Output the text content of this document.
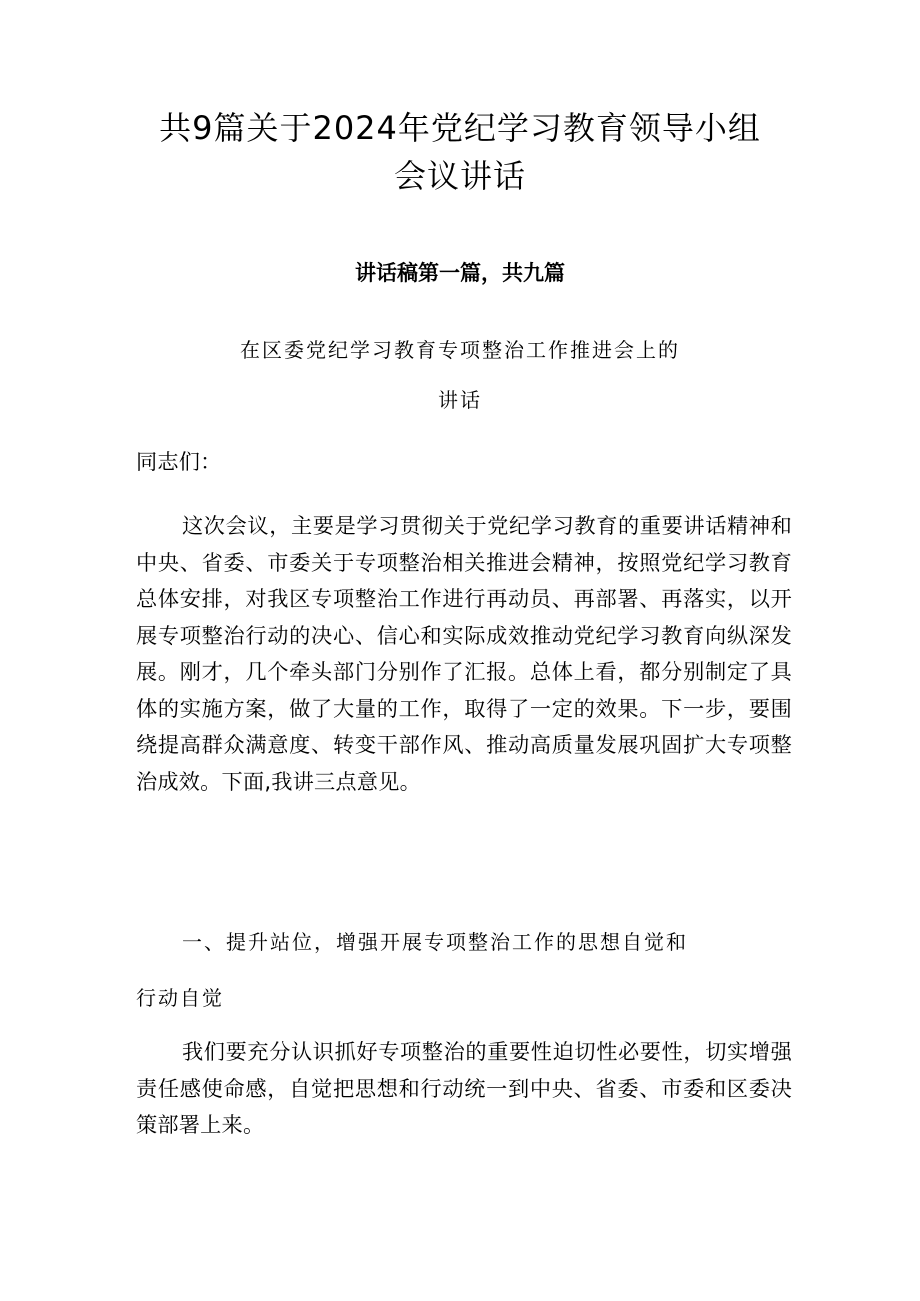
共9篇关于2024年党纪学习教育领导小组
会议讲话
讲话稿第一篇，共九篇
在区委党纪学习教育专项整治工作推进会上的
讲话

同志们：

这次会议，主要是学习贯彻关于党纪学习教育的重要讲话精神和中央、省委、市委关于专项整治相关推进会精神，按照党纪学习教育总体安排，对我区专项整治工作进行再动员、再部署、再落实，以开展专项整治行动的决心、信心和实际成效推动党纪学习教育向纵深发展。刚才，几个牵头部门分别作了汇报。总体上看，都分别制定了具体的实施方案，做了大量的工作，取得了一定的效果。下一步，要围绕提高群众满意度、转变干部作风、推动高质量发展巩固扩大专项整治成效。下面,我讲三点意见。

一、提升站位，增强开展专项整治工作的思想自觉和
行动自觉

我们要充分认识抓好专项整治的重要性迫切性必要性，切实增强责任感使命感，自觉把思想和行动统一到中央、省委、市委和区委决策部署上来。
